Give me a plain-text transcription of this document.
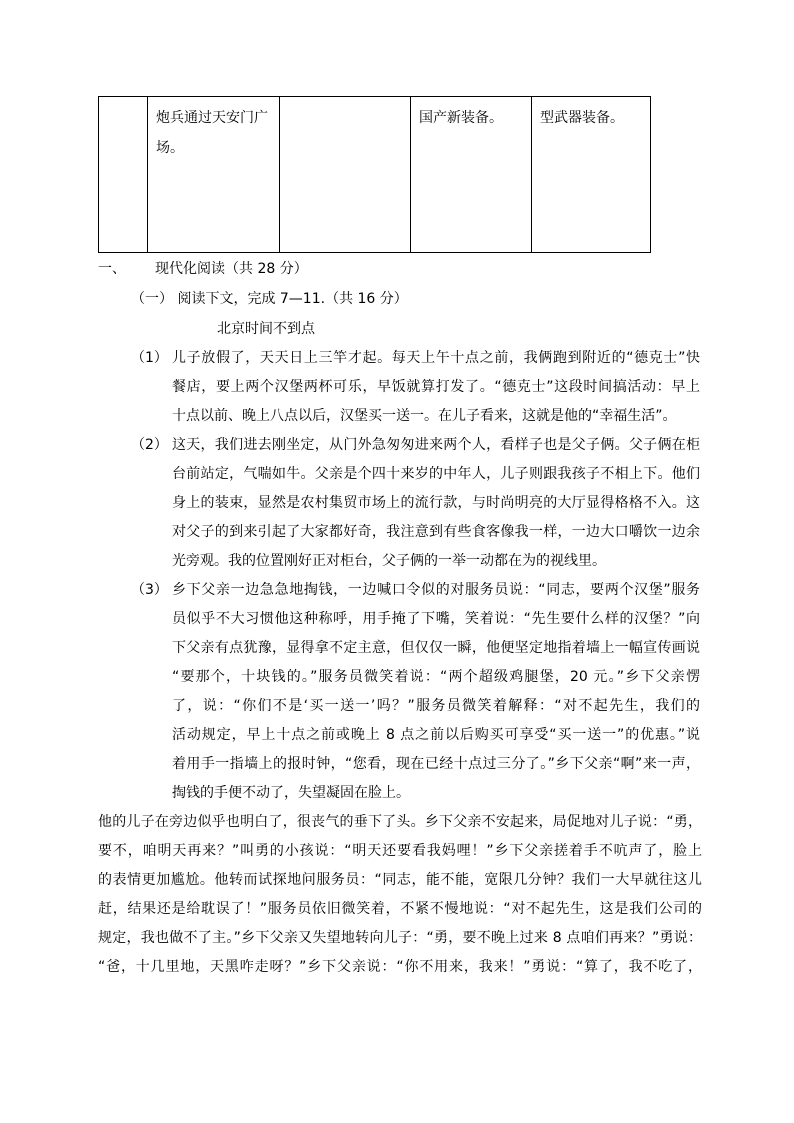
	炮兵通过天安门广场。		国产新装备。	型武器装备。
一、 现代化阅读（共 28 分）
（一） 阅读下文，完成 7—11.（共 16 分）
北京时间不到点
（1） 儿子放假了，天天日上三竿才起。每天上午十点之前，我俩跑到附近的“德克士”快
餐店，要上两个汉堡两杯可乐，早饭就算打发了。“德克士”这段时间搞活动：早上
十点以前、晚上八点以后，汉堡买一送一。在儿子看来，这就是他的“幸福生活”。
（2） 这天，我们进去刚坐定，从门外急匆匆进来两个人，看样子也是父子俩。父子俩在柜
台前站定，气喘如牛。父亲是个四十来岁的中年人，儿子则跟我孩子不相上下。他们
身上的装束，显然是农村集贸市场上的流行款，与时尚明亮的大厅显得格格不入。这
对父子的到来引起了大家都好奇，我注意到有些食客像我一样，一边大口嚼饮一边余
光旁观。我的位置刚好正对柜台，父子俩的一举一动都在为的视线里。
（3） 乡下父亲一边急急地掏钱，一边喊口令似的对服务员说：“同志，要两个汉堡”服务
员似乎不大习惯他这种称呼，用手掩了下嘴，笑着说：“先生要什么样的汉堡？”向
下父亲有点犹豫，显得拿不定主意，但仅仅一瞬，他便坚定地指着墙上一幅宣传画说
“要那个，十块钱的。”服务员微笑着说：“两个超级鸡腿堡，20 元。”乡下父亲愣
了，说：“你们不是‘买一送一’吗？”服务员微笑着解释：“对不起先生，我们的
活动规定，早上十点之前或晚上 8 点之前以后购买可享受“买一送一”的优惠。”说
着用手一指墙上的报时钟，“您看，现在已经十点过三分了。”乡下父亲“啊”来一声，
掏钱的手便不动了，失望凝固在脸上。
他的儿子在旁边似乎也明白了，很丧气的垂下了头。乡下父亲不安起来，局促地对儿子说：“勇，
要不，咱明天再来？”叫勇的小孩说：“明天还要看我妈哩！”乡下父亲搓着手不吭声了，脸上
的表情更加尴尬。他转而试探地问服务员：“同志，能不能，宽限几分钟？我们一大早就往这儿
赶，结果还是给耽误了！”服务员依旧微笑着，不紧不慢地说：“对不起先生，这是我们公司的
规定，我也做不了主。”乡下父亲又失望地转向儿子：“勇，要不晚上过来 8 点咱们再来？”勇说：
“爸，十几里地，天黑咋走呀？”乡下父亲说：“你不用来，我来！”勇说：“算了，我不吃了，
